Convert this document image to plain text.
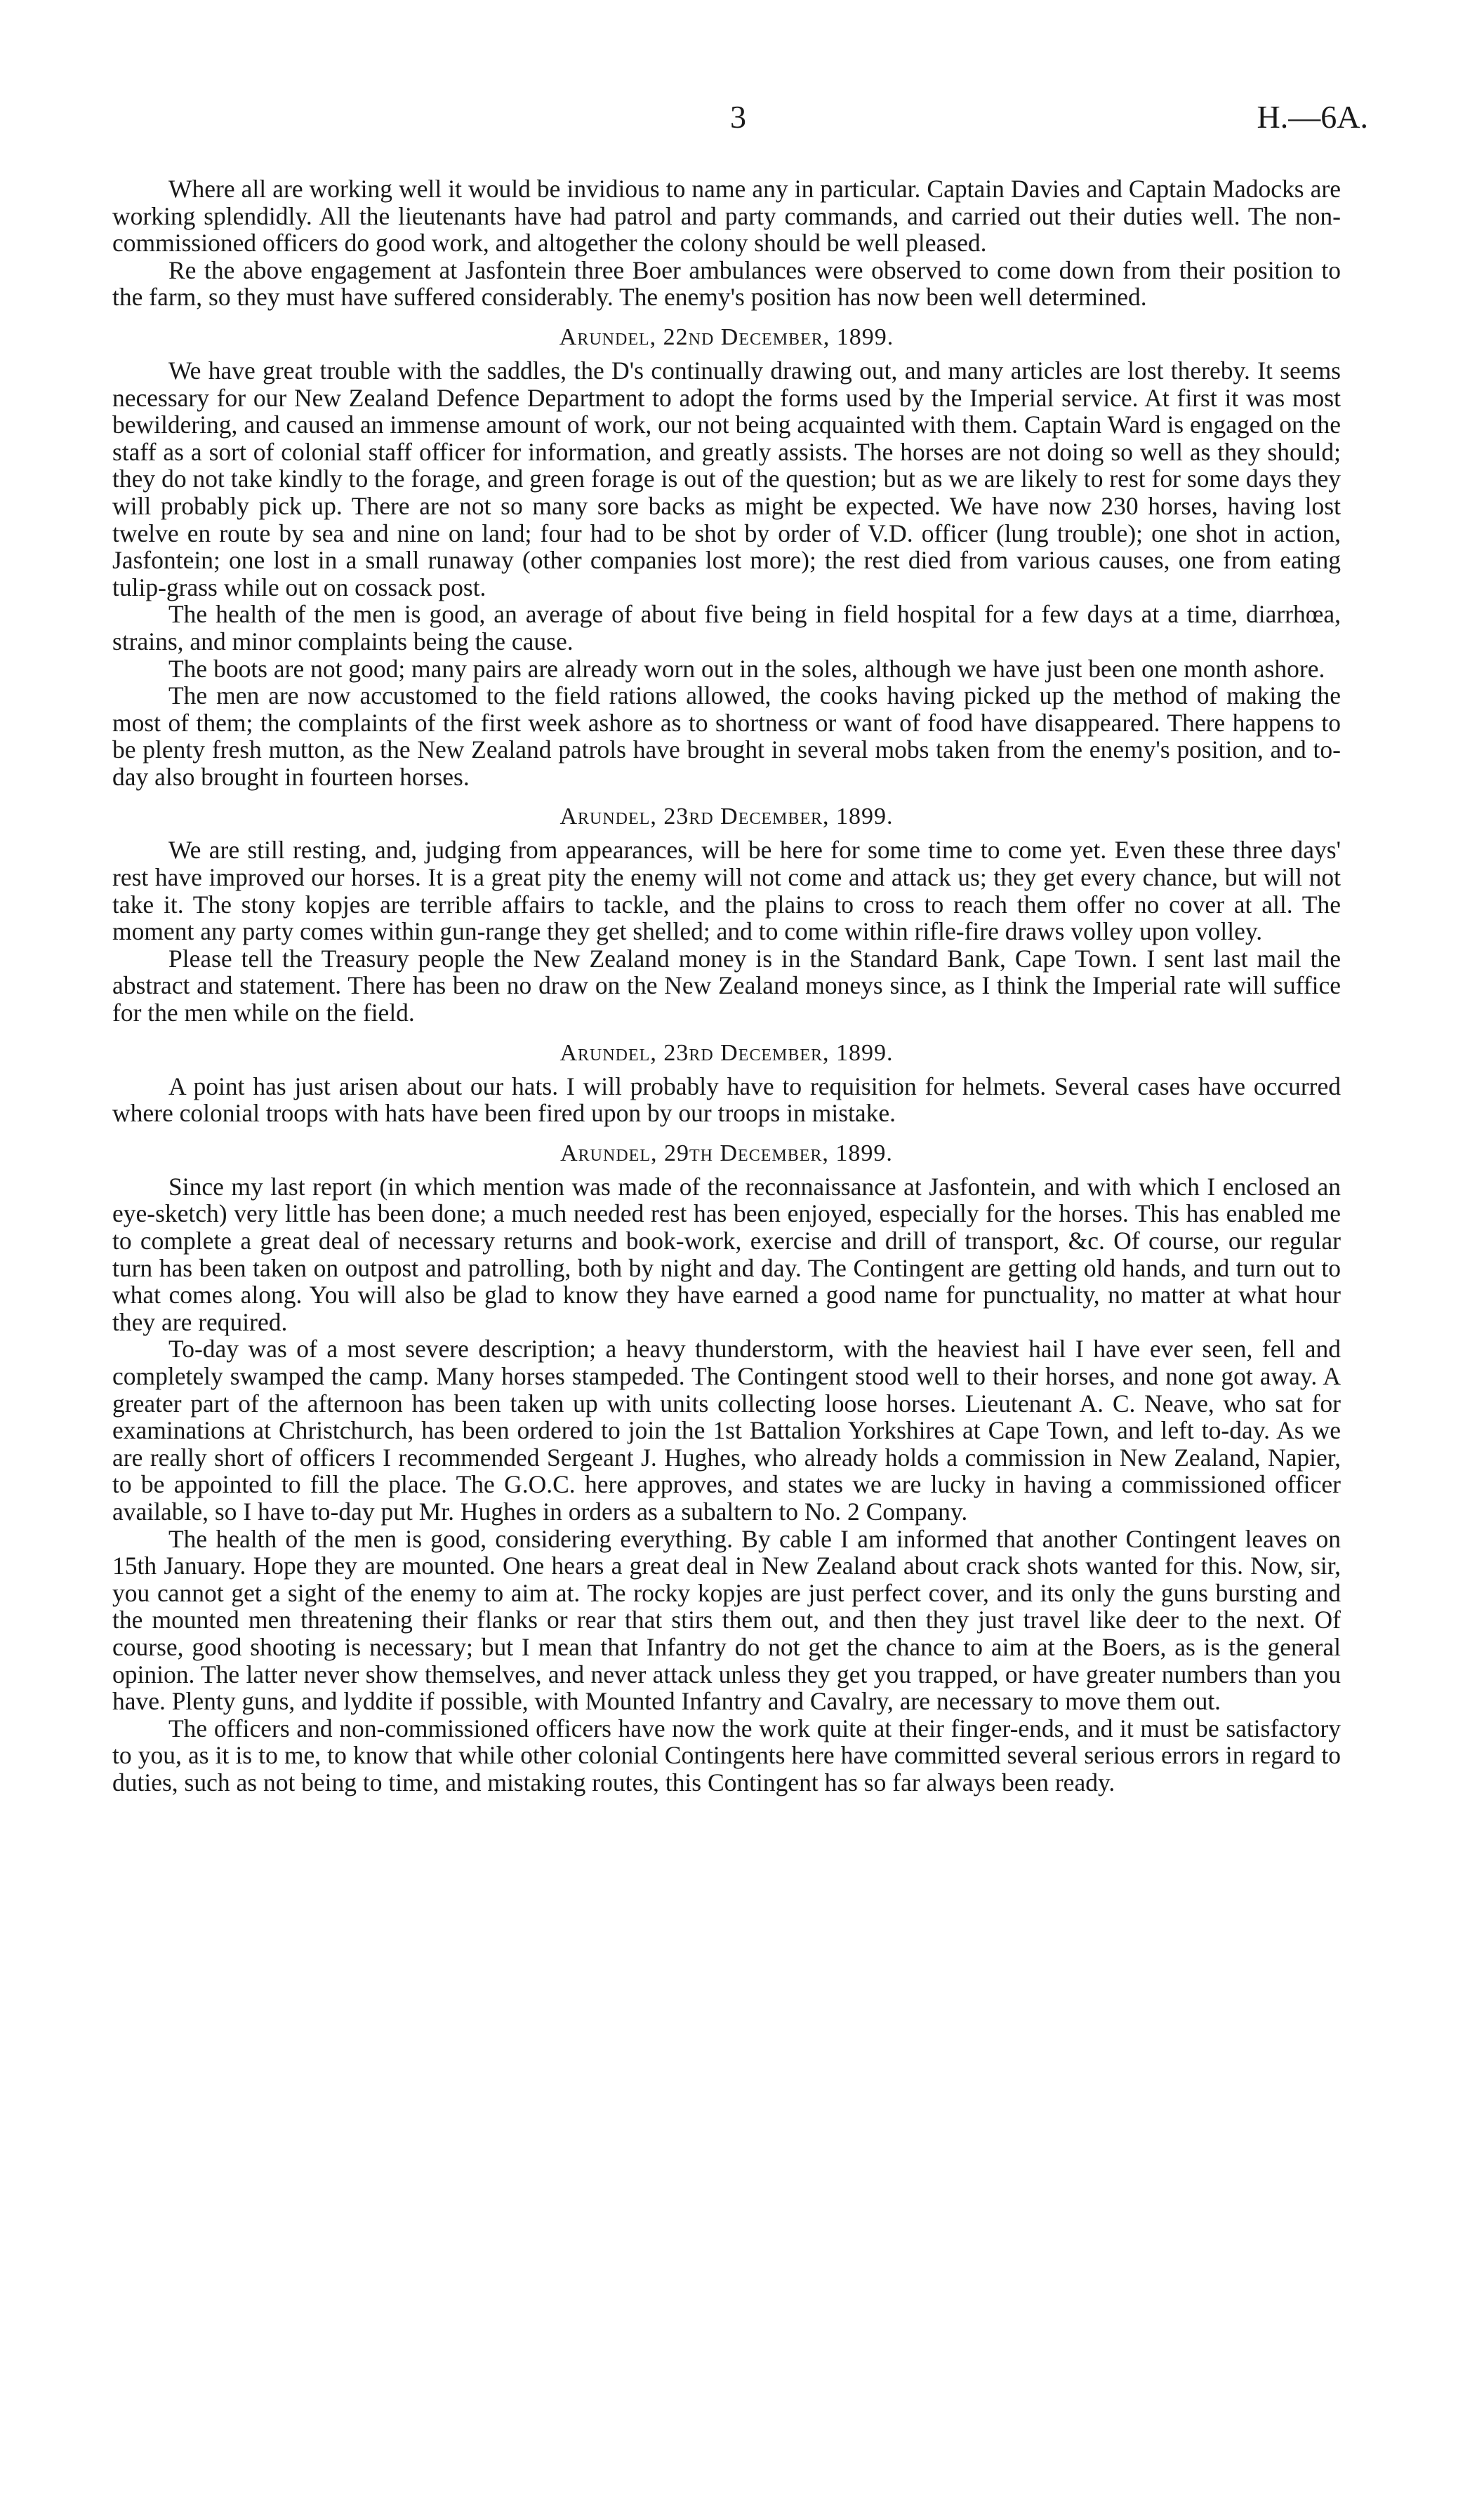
3	H.—6A.

Where all are working well it would be invidious to name any in particular. Captain Davies and Captain Madocks are working splendidly. All the lieutenants have had patrol and party commands, and carried out their duties well. The non-commissioned officers do good work, and altogether the colony should be well pleased.

Re the above engagement at Jasfontein three Boer ambulances were observed to come down from their position to the farm, so they must have suffered considerably. The enemy's position has now been well determined.

Arundel, 22nd December, 1899.

We have great trouble with the saddles, the D's continually drawing out, and many articles are lost thereby. It seems necessary for our New Zealand Defence Department to adopt the forms used by the Imperial service. At first it was most bewildering, and caused an immense amount of work, our not being acquainted with them. Captain Ward is engaged on the staff as a sort of colonial staff officer for information, and greatly assists. The horses are not doing so well as they should; they do not take kindly to the forage, and green forage is out of the question; but as we are likely to rest for some days they will probably pick up. There are not so many sore backs as might be expected. We have now 230 horses, having lost twelve en route by sea and nine on land; four had to be shot by order of V.D. officer (lung trouble); one shot in action, Jasfontein; one lost in a small runaway (other companies lost more); the rest died from various causes, one from eating tulip-grass while out on cossack post.

The health of the men is good, an average of about five being in field hospital for a few days at a time, diarrhœa, strains, and minor complaints being the cause.

The boots are not good; many pairs are already worn out in the soles, although we have just been one month ashore.

The men are now accustomed to the field rations allowed, the cooks having picked up the method of making the most of them; the complaints of the first week ashore as to shortness or want of food have disappeared. There happens to be plenty fresh mutton, as the New Zealand patrols have brought in several mobs taken from the enemy's position, and to-day also brought in fourteen horses.

Arundel, 23rd December, 1899.

We are still resting, and, judging from appearances, will be here for some time to come yet. Even these three days' rest have improved our horses. It is a great pity the enemy will not come and attack us; they get every chance, but will not take it. The stony kopjes are terrible affairs to tackle, and the plains to cross to reach them offer no cover at all. The moment any party comes within gun-range they get shelled; and to come within rifle-fire draws volley upon volley.

Please tell the Treasury people the New Zealand money is in the Standard Bank, Cape Town. I sent last mail the abstract and statement. There has been no draw on the New Zealand moneys since, as I think the Imperial rate will suffice for the men while on the field.

Arundel, 23rd December, 1899.

A point has just arisen about our hats. I will probably have to requisition for helmets. Several cases have occurred where colonial troops with hats have been fired upon by our troops in mistake.

Arundel, 29th December, 1899.

Since my last report (in which mention was made of the reconnaissance at Jasfontein, and with which I enclosed an eye-sketch) very little has been done; a much needed rest has been enjoyed, especially for the horses. This has enabled me to complete a great deal of necessary returns and book-work, exercise and drill of transport, &c. Of course, our regular turn has been taken on outpost and patrolling, both by night and day. The Contingent are getting old hands, and turn out to what comes along. You will also be glad to know they have earned a good name for punctuality, no matter at what hour they are required.

To-day was of a most severe description; a heavy thunderstorm, with the heaviest hail I have ever seen, fell and completely swamped the camp. Many horses stampeded. The Contingent stood well to their horses, and none got away. A greater part of the afternoon has been taken up with units collecting loose horses. Lieutenant A. C. Neave, who sat for examinations at Christchurch, has been ordered to join the 1st Battalion Yorkshires at Cape Town, and left to-day. As we are really short of officers I recommended Sergeant J. Hughes, who already holds a commission in New Zealand, Napier, to be appointed to fill the place. The G.O.C. here approves, and states we are lucky in having a commissioned officer available, so I have to-day put Mr. Hughes in orders as a subaltern to No. 2 Company.

The health of the men is good, considering everything. By cable I am informed that another Contingent leaves on 15th January. Hope they are mounted. One hears a great deal in New Zealand about crack shots wanted for this. Now, sir, you cannot get a sight of the enemy to aim at. The rocky kopjes are just perfect cover, and its only the guns bursting and the mounted men threatening their flanks or rear that stirs them out, and then they just travel like deer to the next. Of course, good shooting is necessary; but I mean that Infantry do not get the chance to aim at the Boers, as is the general opinion. The latter never show themselves, and never attack unless they get you trapped, or have greater numbers than you have. Plenty guns, and lyddite if possible, with Mounted Infantry and Cavalry, are necessary to move them out.

The officers and non-commissioned officers have now the work quite at their finger-ends, and it must be satisfactory to you, as it is to me, to know that while other colonial Contingents here have committed several serious errors in regard to duties, such as not being to time, and mistaking routes, this Contingent has so far always been ready.
